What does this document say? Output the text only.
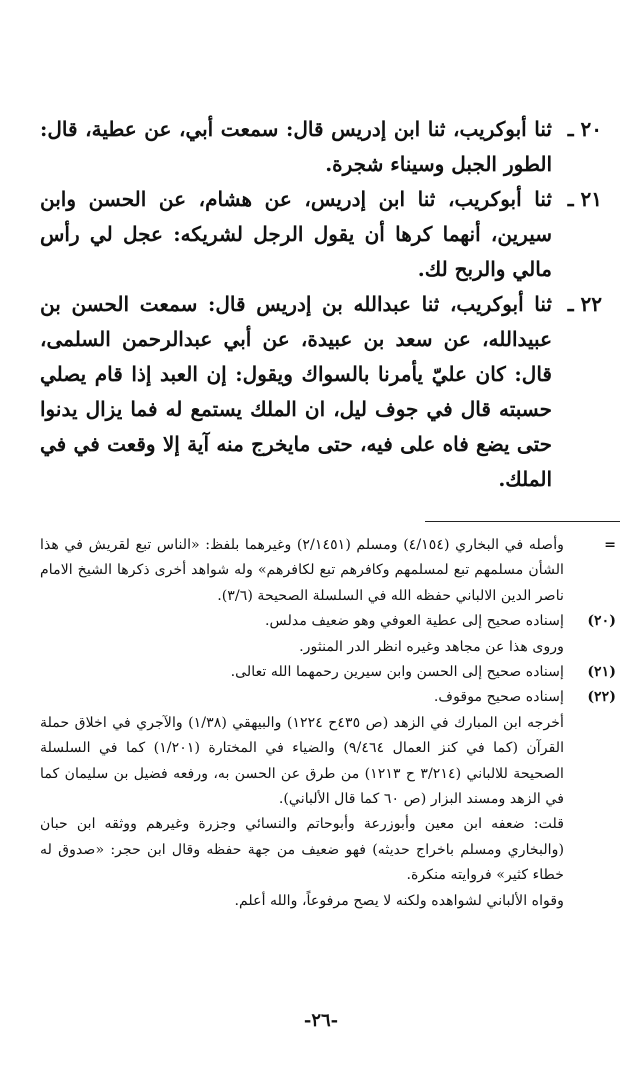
٢٠ ـثنا أبوكريب، ثنا ابن إدريس قال: سمعت أبي، عن عطية، قال: الطور الجبل وسيناء شجرة.

٢١ ـثنا أبوكريب، ثنا ابن إدريس، عن هشام، عن الحسن وابن سيرين، أنهما كرها أن يقول الرجل لشريكه: عجل لي رأس مالي والربح لك.

٢٢ ـثنا أبوكريب، ثنا عبدالله بن إدريس قال: سمعت الحسن بن عبيدالله، عن سعد بن عبيدة، عن أبي عبدالرحمن السلمى، قال: كان عليّ يأمرنا بالسواك ويقول: إن العبد إذا قام يصلي حسبته قال في جوف ليل، ان الملك يستمع له فما يزال يدنوا حتى يضع فاه على فيه، حتى مايخرج منه آية إلا وقعت في في الملك.

=

وأصله في البخاري (٤/١٥٤) ومسلم (٢/١٤٥١) وغيرهما بلفظ: «الناس تبع لقريش في هذا الشأن مسلمهم تبع لمسلمهم وكافرهم تبع لكافرهم» وله شواهد أخرى ذكرها الشيخ الامام ناصر الدين الالباني حفظه الله في السلسلة الصحيحة (٣/٦).

(٢٠)

إسناده صحيح إلى عطية العوفي وهو ضعيف مدلس.

وروى هذا عن مجاهد وغيره انظر الدر المنثور.

(٢١)

إسناده صحيح إلى الحسن وابن سيرين رحمهما الله تعالى.

(٢٢)

إسناده صحيح موقوف.

أخرجه ابن المبارك في الزهد (ص ٤٣٥ح ١٢٢٤) والبيهقي (١/٣٨) والآجري في اخلاق حملة القرآن (كما في كنز العمال ٩/٤٦٤) والضياء في المختارة (١/٢٠١) كما في السلسلة الصحيحة للالباني (٣/٢١٤ ح ١٢١٣) من طرق عن الحسن به، ورفعه فضيل بن سليمان كما في الزهد ومسند البزار (ص ٦٠ كما قال الألباني).

قلت: ضعفه ابن معين وأبوزرعة وأبوحاتم والنسائي وجزرة وغيرهم ووثقه ابن حبان (والبخاري ومسلم باخراج حديثه) فهو ضعيف من جهة حفظه وقال ابن حجر: «صدوق له خطاء كثير» فروايته منكرة.

وقواه الألباني لشواهده ولكنه لا يصح مرفوعاً، والله أعلم.

-٢٦-
